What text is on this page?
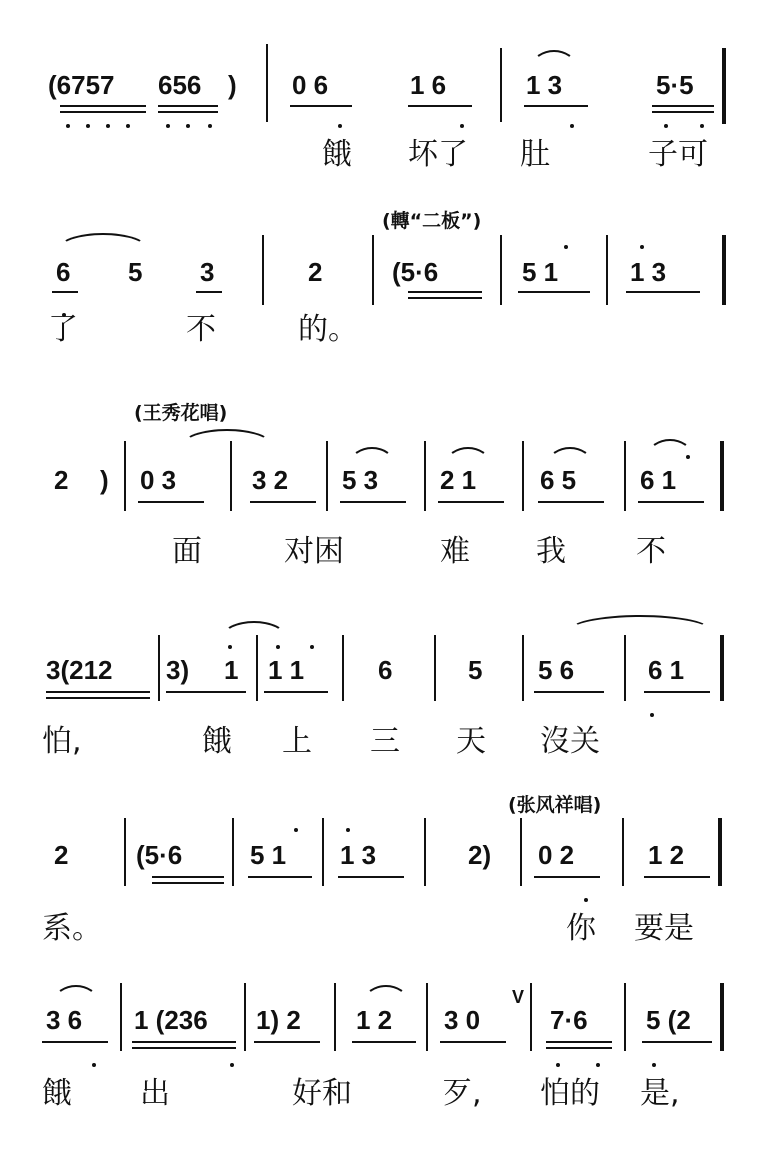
(6757 656 ) 0 6	1 6	1 3	5·5
餓 坏了 肚	子可
(轉“二板”)
6 5 3	2	(5·6	5 1	1 3
了	不	的。
(王秀花唱)
2 ) 0 3	3 2 5 3 2 1 6 5 6 1
面	对困	难 我 不
3(212 3) 1 1 1	6	5 5 6	6 1
怕,	餓 上 三 天 沒关
(张风祥唱)
2	(5·6	5 1 1 3	2) 0 2	1 2
系。	你 要是
3 6 1 (236 1) 2 1 2 3 0
V
7·6 5 (2
餓 出	好和	歹, 怕的 是,
